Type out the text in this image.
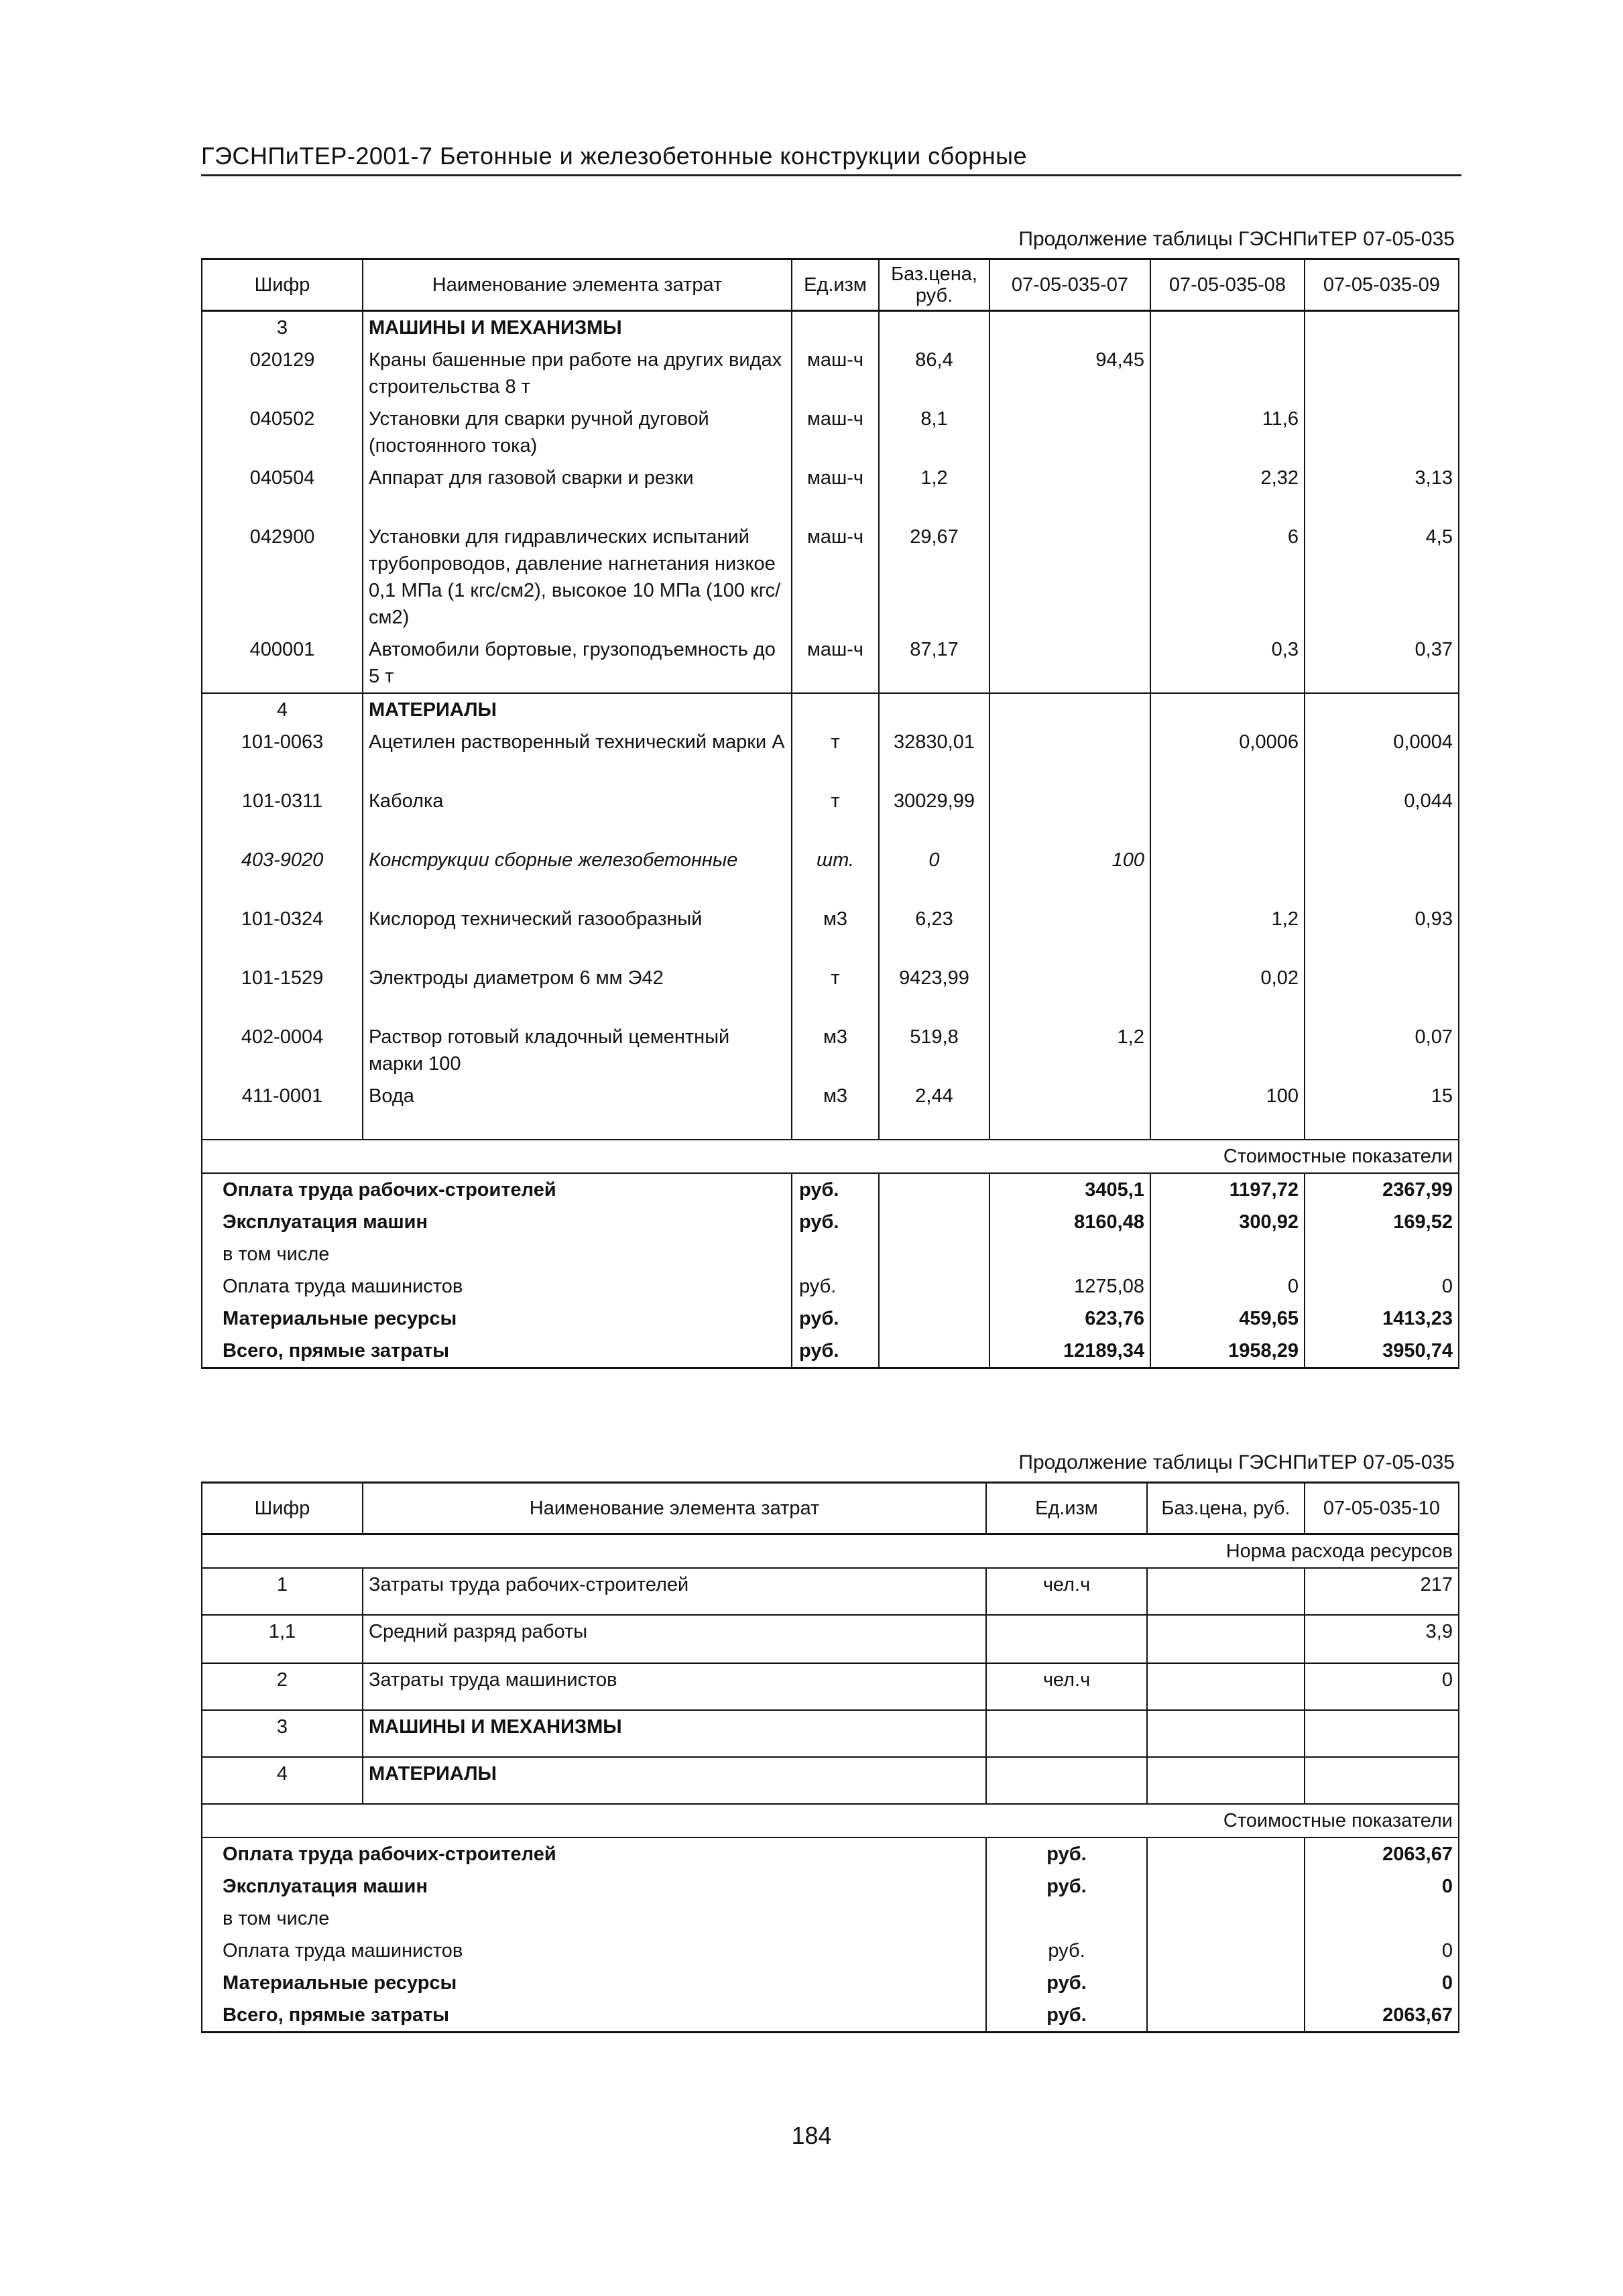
ГЭСНПиТЕР-2001-7 Бетонные и железобетонные конструкции сборные
Продолжение таблицы ГЭСНПиТЕР 07-05-035
Шифр	Наименование элемента затрат	Ед.изм	Баз.цена, руб.	07-05-035-07	07-05-035-08	07-05-035-09
3	МАШИНЫ И МЕХАНИЗМЫ					
020129	Краны башенные при работе на других видах строительства 8 т	маш-ч	86,4	94,45		
040502	Установки для сварки ручной дуговой (постоянного тока)	маш-ч	8,1		11,6	
040504	Аппарат для газовой сварки и резки	маш-ч	1,2		2,32	3,13
042900	Установки для гидравлических испытаний трубопроводов, давление нагнетания низкое 0,1 МПа (1 кгс/см2), высокое 10 МПа (100 кгс/см2)	маш-ч	29,67		6	4,5
400001	Автомобили бортовые, грузоподъемность до 5 т	маш-ч	87,17		0,3	0,37
4	МАТЕРИАЛЫ					
101-0063	Ацетилен растворенный технический марки А	т	32830,01		0,0006	0,0004
101-0311	Каболка	т	30029,99			0,044
403-9020	Конструкции сборные железобетонные	шт.	0	100		
101-0324	Кислород технический газообразный	м3	6,23		1,2	0,93
101-1529	Электроды диаметром 6 мм Э42	т	9423,99		0,02	
402-0004	Раствор готовый кладочный цементный марки 100	м3	519,8	1,2		0,07
411-0001	Вода	м3	2,44		100	15
Стоимостные показатели						
Оплата труда рабочих-строителей		руб.		3405,1	1197,72	2367,99
Эксплуатация машин		руб.		8160,48	300,92	169,52
в том числе						
Оплата труда машинистов		руб.		1275,08	0	0
Материальные ресурсы		руб.		623,76	459,65	1413,23
Всего, прямые затраты		руб.		12189,34	1958,29	3950,74
Продолжение таблицы ГЭСНПиТЕР 07-05-035
Шифр	Наименование элемента затрат	Ед.изм	Баз.цена, руб.	07-05-035-10
Норма расхода ресурсов				
1	Затраты труда рабочих-строителей	чел.ч		217
1,1	Средний разряд работы			3,9
2	Затраты труда машинистов	чел.ч		0
3	МАШИНЫ И МЕХАНИЗМЫ			
4	МАТЕРИАЛЫ			
Стоимостные показатели				
Оплата труда рабочих-строителей		руб.		2063,67
Эксплуатация машин		руб.		0
в том числе				
Оплата труда машинистов		руб.		0
Материальные ресурсы		руб.		0
Всего, прямые затраты		руб.		2063,67
184
